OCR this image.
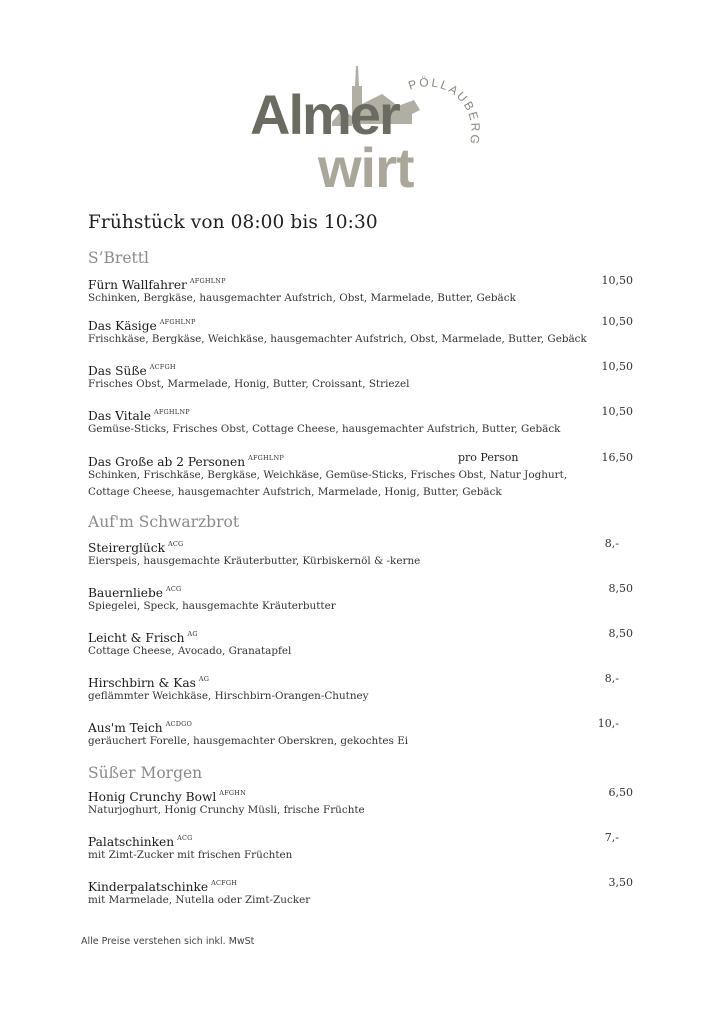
Almer
wirt
PÖLLAUBERG
Frühstück von 08:00 bis 10:30
S’Brettl
Fürn Wallfahrer $^{AFGHLNP}$	10,50
Schinken, Bergkäse, hausgemachter Aufstrich, Obst, Marmelade, Butter, Gebäck
Das Käsige $^{AFGHLNP}$	10,50
Frischkäse, Bergkäse, Weichkäse, hausgemachter Aufstrich, Obst, Marmelade, Butter, Gebäck
Das Süße $^{ACFGH}$	10,50
Frisches Obst, Marmelade, Honig, Butter, Croissant, Striezel
Das Vitale $^{AFGHLNP}$	10,50
Gemüse-Sticks, Frisches Obst, Cottage Cheese, hausgemachter Aufstrich, Butter, Gebäck
Das Große ab 2 Personen $^{AFGHLNP}$	pro Person	16,50
Schinken, Frischkäse, Bergkäse, Weichkäse, Gemüse-Sticks, Frisches Obst, Natur Joghurt,
Cottage Cheese, hausgemachter Aufstrich, Marmelade, Honig, Butter, Gebäck
Auf'm Schwarzbrot
Steirerglück $^{ACG}$	8,-
Eierspeis, hausgemachte Kräuterbutter, Kürbiskernöl & -kerne
Bauernliebe $^{ACG}$	8,50
Spiegelei, Speck, hausgemachte Kräuterbutter
Leicht & Frisch $^{AG}$	8,50
Cottage Cheese, Avocado, Granatapfel
Hirschbirn & Kas $^{AG}$	8,-
geflämmter Weichkäse, Hirschbirn-Orangen-Chutney
Aus'm Teich $^{ACDGO}$	10,-
geräuchert Forelle, hausgemachter Oberskren, gekochtes Ei
Süßer Morgen
Honig Crunchy Bowl $^{AFGHN}$	6,50
Naturjoghurt, Honig Crunchy Müsli, frische Früchte
Palatschinken $^{ACG}$	7,-
mit Zimt-Zucker mit frischen Früchten
Kinderpalatschinke $^{ACFGH}$	3,50
mit Marmelade, Nutella oder Zimt-Zucker
Alle Preise verstehen sich inkl. MwSt
